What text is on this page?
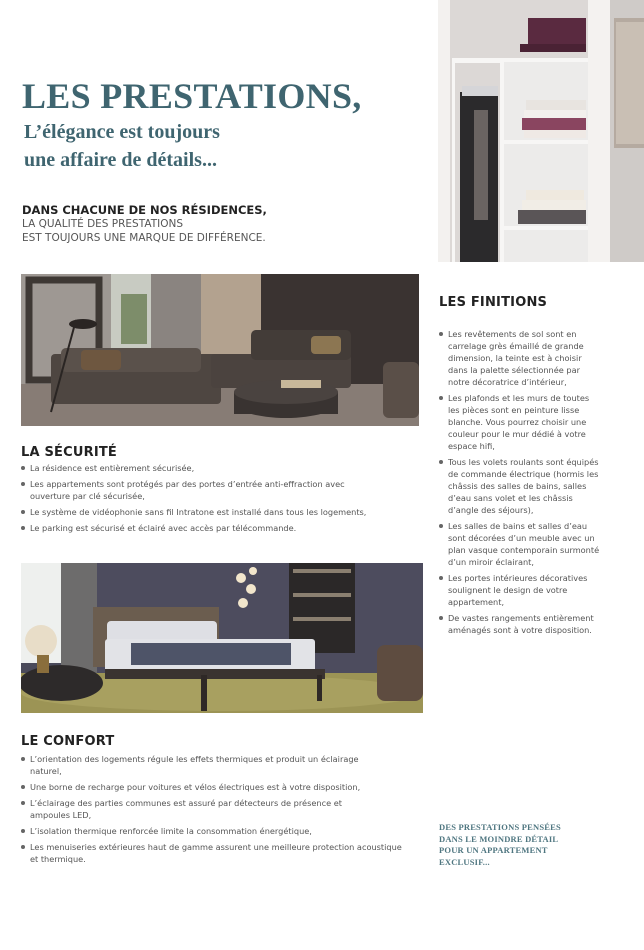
LES PRESTATIONS,
L’élégance est toujours
une affaire de détails...
DANS CHACUNE DE NOS RÉSIDENCES,
LA QUALITÉ DES PRESTATIONS
EST TOUJOURS UNE MARQUE DE DIFFÉRENCE.
LA SÉCURITÉ
La résidence est entièrement sécurisée,
Les appartements sont protégés par des portes d’entrée anti-effraction avec ouverture par clé sécurisée,
Le système de vidéophonie sans fil Intratone est installé dans tous les logements,
Le parking est sécurisé et éclairé avec accès par télécommande.
LE CONFORT
L’orientation des logements régule les effets thermiques et produit un éclairage naturel,
Une borne de recharge pour voitures et vélos électriques est à votre disposition,
L’éclairage des parties communes est assuré par détecteurs de présence et ampoules LED,
L’isolation thermique renforcée limite la consommation énergétique,
Les menuiseries extérieures haut de gamme assurent une meilleure protection acoustique et thermique.
LES FINITIONS
Les revêtements de sol sont en carrelage grès émaillé de grande dimension, la teinte est à choisir dans la palette sélectionnée par notre décoratrice d’intérieur,
Les plafonds et les murs de toutes les pièces sont en peinture lisse blanche. Vous pourrez choisir une couleur pour le mur dédié à votre espace hifi,
Tous les volets roulants sont équipés de commande électrique (hormis les châssis des salles de bains, salles d’eau sans volet et les châssis d’angle des séjours),
Les salles de bains et salles d’eau sont décorées d’un meuble avec un plan vasque contemporain surmonté d’un miroir éclairant,
Les portes intérieures décoratives soulignent le design de votre appartement,
De vastes rangements entièrement aménagés sont à votre disposition.
DES PRESTATIONS PENSÉES
DANS LE MOINDRE DÉTAIL
POUR UN APPARTEMENT
EXCLUSIF...
